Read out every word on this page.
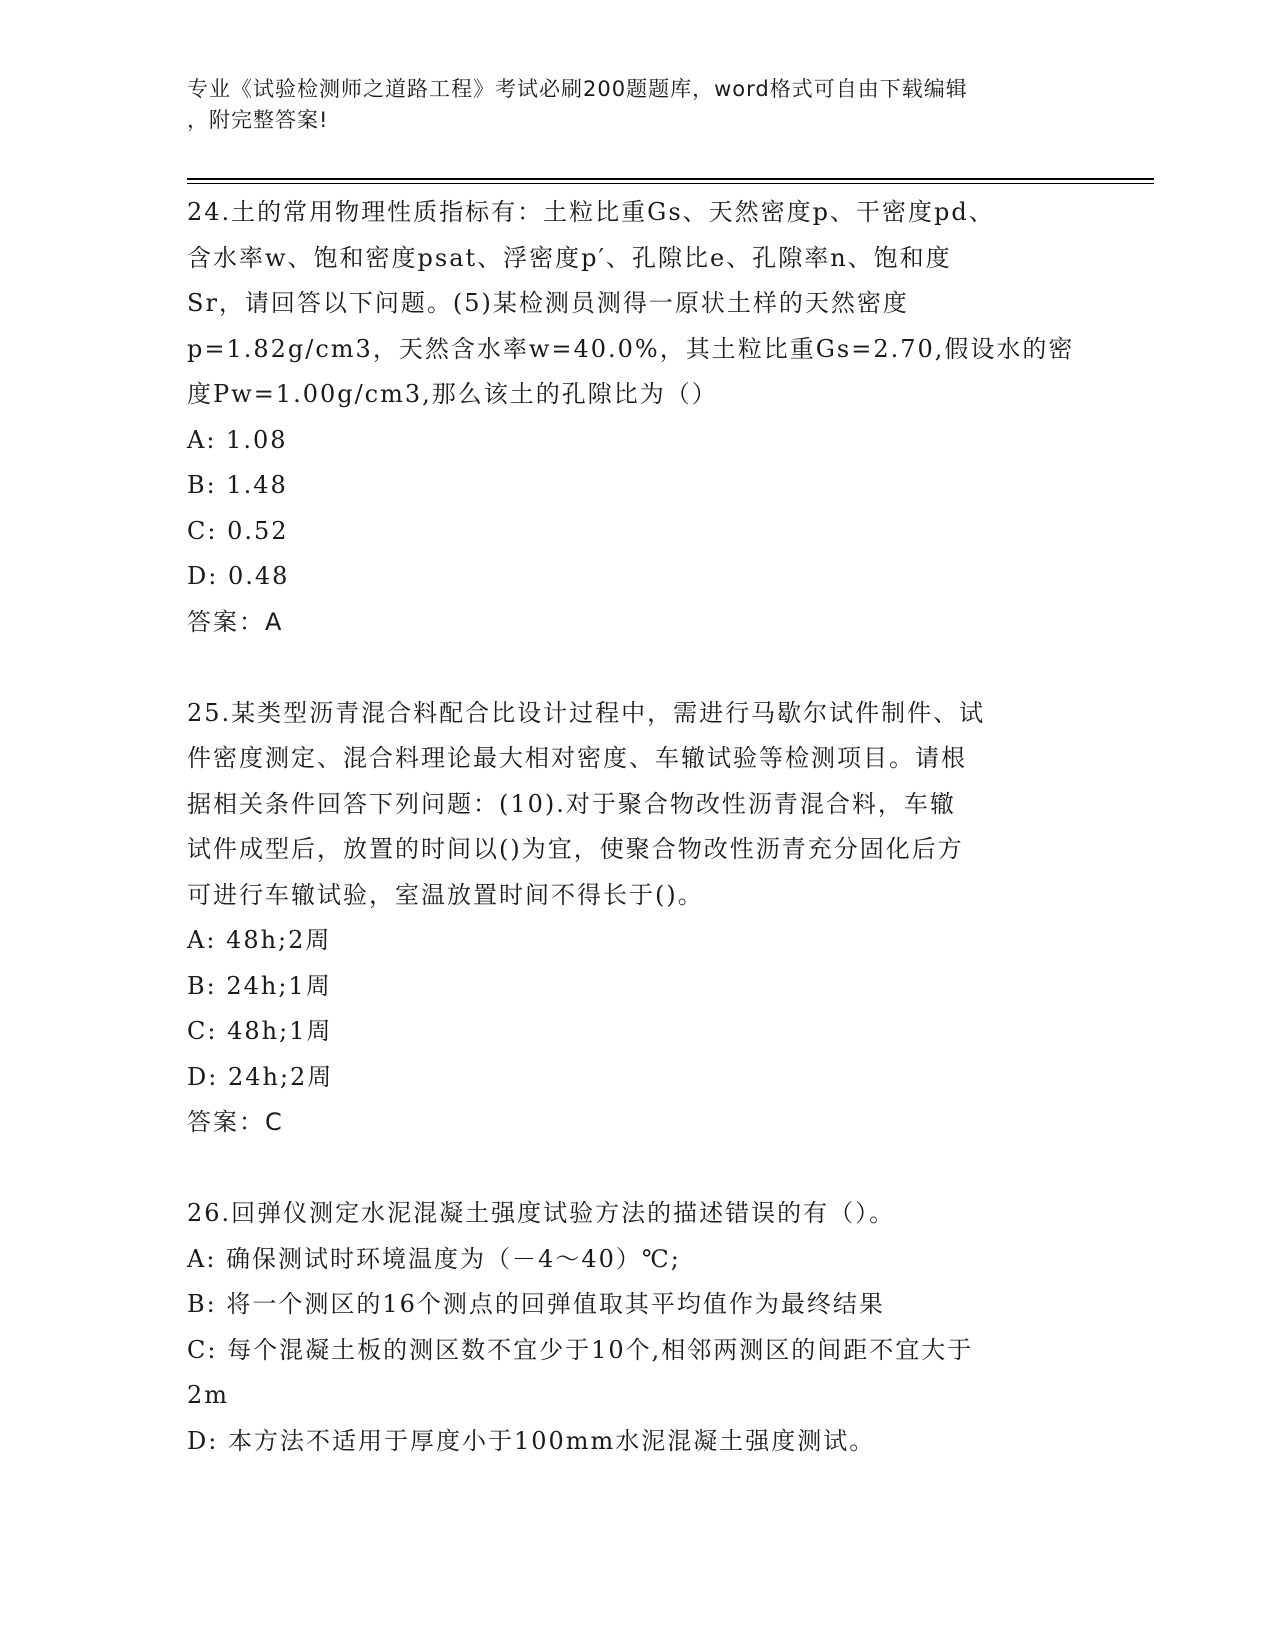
专业《试验检测师之道路工程》考试必刷200题题库，word格式可自由下载编辑
，附完整答案!
24.土的常用物理性质指标有：土粒比重Gs、天然密度p、干密度pd、
含水率w、饱和密度psat、浮密度p′、孔隙比e、孔隙率n、饱和度
Sr，请回答以下问题。(5)某检测员测得一原状土样的天然密度
p=1.82g/cm3，天然含水率w=40.0%，其土粒比重Gs=2.70,假设水的密
度Pw=1.00g/cm3,那么该土的孔隙比为（）
A: 1.08
B: 1.48
C: 0.52
D: 0.48
答案：A
25.某类型沥青混合料配合比设计过程中，需进行马歇尔试件制件、试
件密度测定、混合料理论最大相对密度、车辙试验等检测项目。请根
据相关条件回答下列问题：(10).对于聚合物改性沥青混合料，车辙
试件成型后，放置的时间以()为宜，使聚合物改性沥青充分固化后方
可进行车辙试验，室温放置时间不得长于()。
A: 48h;2周
B: 24h;1周
C: 48h;1周
D: 24h;2周
答案：C
26.回弹仪测定水泥混凝土强度试验方法的描述错误的有（）。
A: 确保测试时环境温度为（－4～40）℃;
B: 将一个测区的16个测点的回弹值取其平均值作为最终结果
C: 每个混凝土板的测区数不宜少于10个,相邻两测区的间距不宜大于
2m
D: 本方法不适用于厚度小于100mm水泥混凝土强度测试。
